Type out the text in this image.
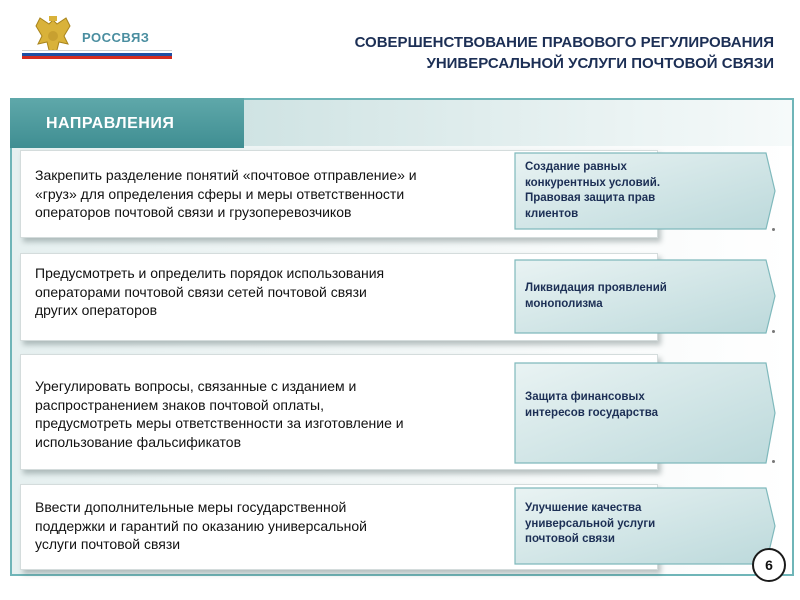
РОССВЯЗ	СОВЕРШЕНСТВОВАНИЕ ПРАВОВОГО РЕГУЛИРОВАНИЯ
УНИВЕРСАЛЬНОЙ УСЛУГИ ПОЧТОВОЙ СВЯЗИ
НАПРАВЛЕНИЯ
Закрепить разделение понятий «почтовое отправление» и
«груз» для определения сферы и меры ответственности
операторов почтовой связи и грузоперевозчиков
Создание равных
конкурентных условий.
Правовая защита прав
клиентов
Предусмотреть и определить порядок использования
операторами почтовой связи сетей почтовой связи
других операторов
Ликвидация проявлений
монополизма
Урегулировать вопросы, связанные с изданием и
распространением знаков почтовой оплаты,
предусмотреть меры ответственности за изготовление и
использование фальсификатов
Защита финансовых
интересов государства
Ввести дополнительные меры государственной
поддержки и гарантий по оказанию универсальной
услуги почтовой связи
Улучшение качества
универсальной услуги
почтовой связи
6
